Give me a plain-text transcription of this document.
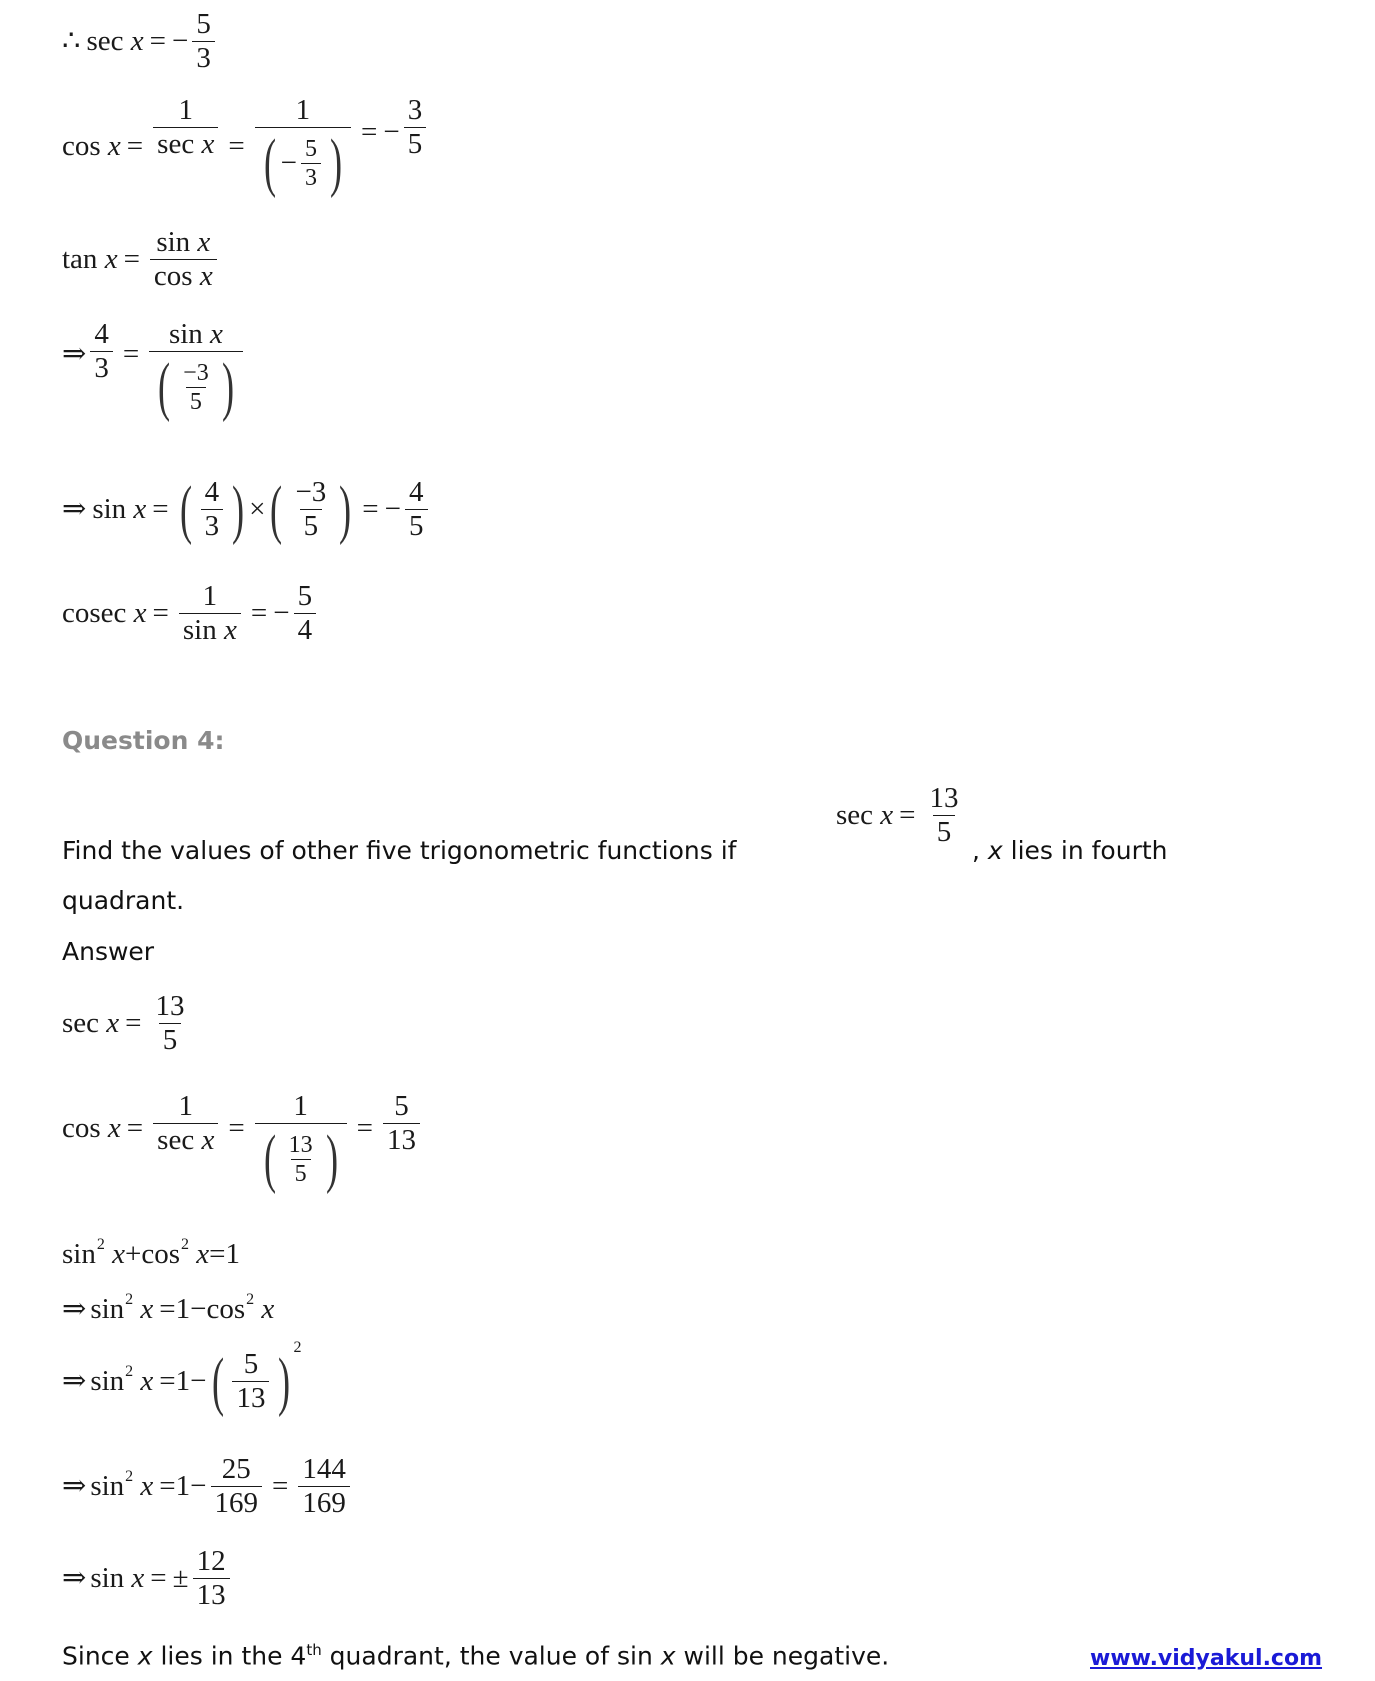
∴ sec
x = − $\frac{5}{3}$
cos
x = 1
sec
$x = \frac{1}{( - \frac{5}{3} )}$ = − $\frac{3}{5}$
tan
x = sin
x
cos
x
⇒ $\frac{4}{3} = \sin$
x
( $\frac{-3}{5}$ )
⇒ sin
x = ( $\frac{4}{3}$ ) × ( $\frac{-3}{5}$ ) = − $\frac{4}{5}$
cosec
x = 1
sin
x = − $\frac{5}{4}$
Question 4:
sec
$x = \frac{13}{5}$
Find the values of other five trigonometric functions if	, x lies in fourth
quadrant.
Answer
sec
$x = \frac{13}{5}$
cos
x = 1
sec
$x = \frac{1}{( \frac{13}{5} )} = \frac{5}{13}$
sin 2
x + cos 2
x = 1
⇒ sin 2
x =1− cos 2
x
⇒ sin 2
x =1− ( $\frac{5}{13}$ ) 2
⇒ sin 2
$x =1- \frac{25}{169} = \frac{144}{169}$
⇒ sin
x = ± $\frac{12}{13}$
Since x lies in the 4th quadrant, the value of sin x will be negative.	www.vidyakul.com
